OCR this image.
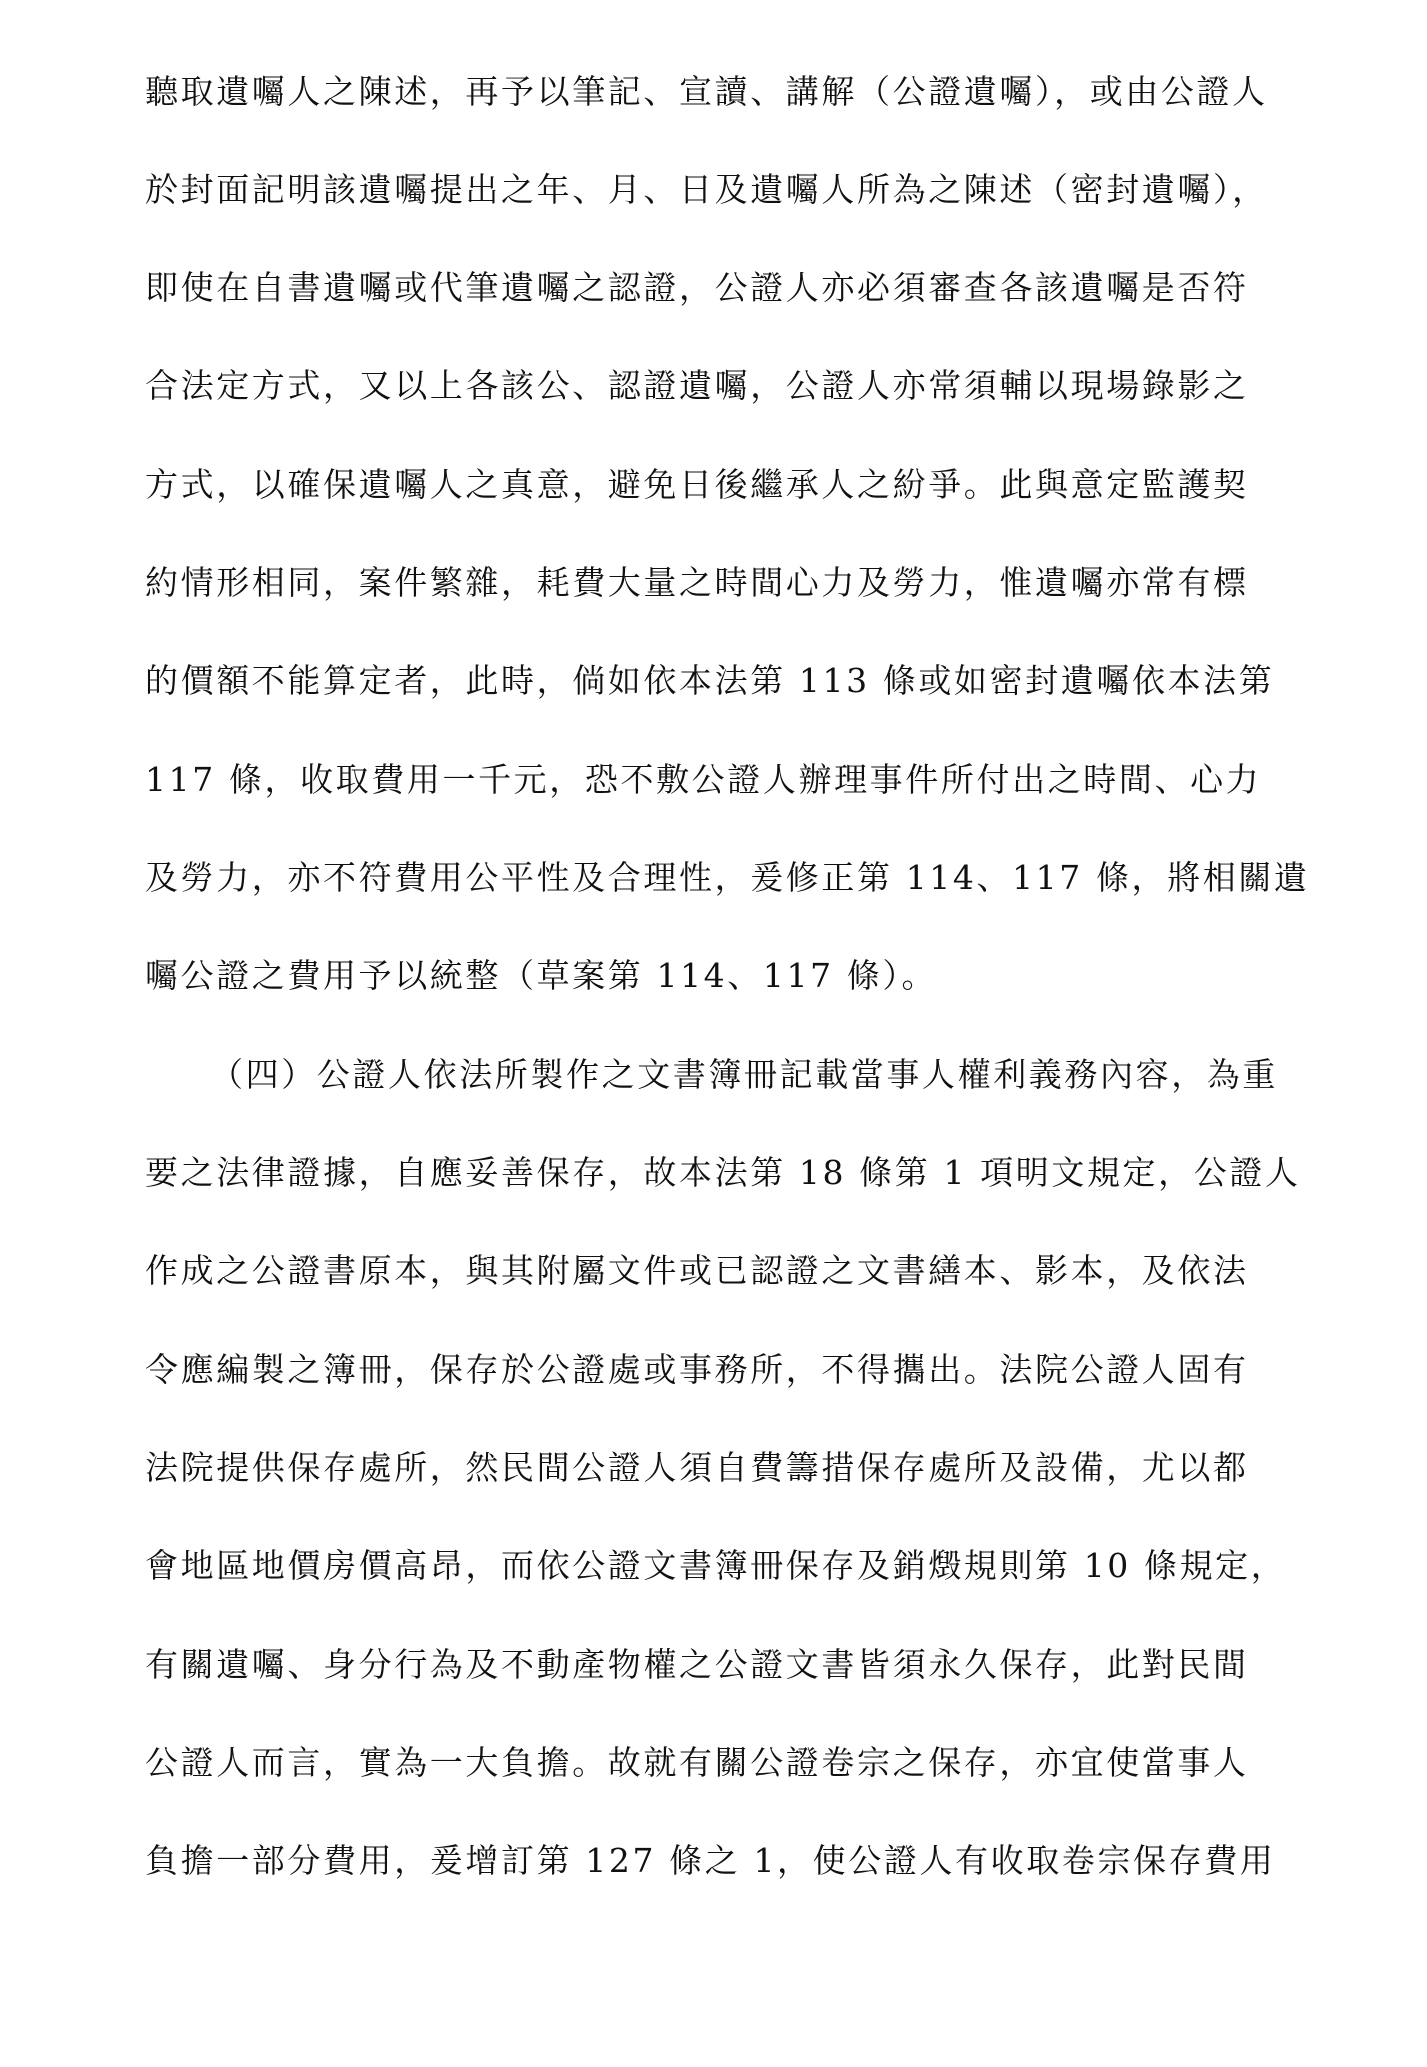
聽取遺囑人之陳述，再予以筆記、宣讀、講解（公證遺囑），或由公證人
於封面記明該遺囑提出之年、月、日及遺囑人所為之陳述（密封遺囑），
即使在自書遺囑或代筆遺囑之認證，公證人亦必須審查各該遺囑是否符
合法定方式，又以上各該公、認證遺囑，公證人亦常須輔以現場錄影之
方式，以確保遺囑人之真意，避免日後繼承人之紛爭。此與意定監護契
約情形相同，案件繁雜，耗費大量之時間心力及勞力，惟遺囑亦常有標
的價額不能算定者，此時，倘如依本法第 113 條或如密封遺囑依本法第
117 條，收取費用一千元，恐不敷公證人辦理事件所付出之時間、心力
及勞力，亦不符費用公平性及合理性，爰修正第 114、117 條，將相關遺
囑公證之費用予以統整（草案第 114、117 條）。
（四）公證人依法所製作之文書簿冊記載當事人權利義務內容，為重
要之法律證據，自應妥善保存，故本法第 18 條第 1 項明文規定，公證人
作成之公證書原本，與其附屬文件或已認證之文書繕本、影本，及依法
令應編製之簿冊，保存於公證處或事務所，不得攜出。法院公證人固有
法院提供保存處所，然民間公證人須自費籌措保存處所及設備，尤以都
會地區地價房價高昂，而依公證文書簿冊保存及銷燬規則第 10 條規定，
有關遺囑、身分行為及不動產物權之公證文書皆須永久保存，此對民間
公證人而言，實為一大負擔。故就有關公證卷宗之保存，亦宜使當事人
負擔一部分費用，爰增訂第 127 條之 1，使公證人有收取卷宗保存費用
